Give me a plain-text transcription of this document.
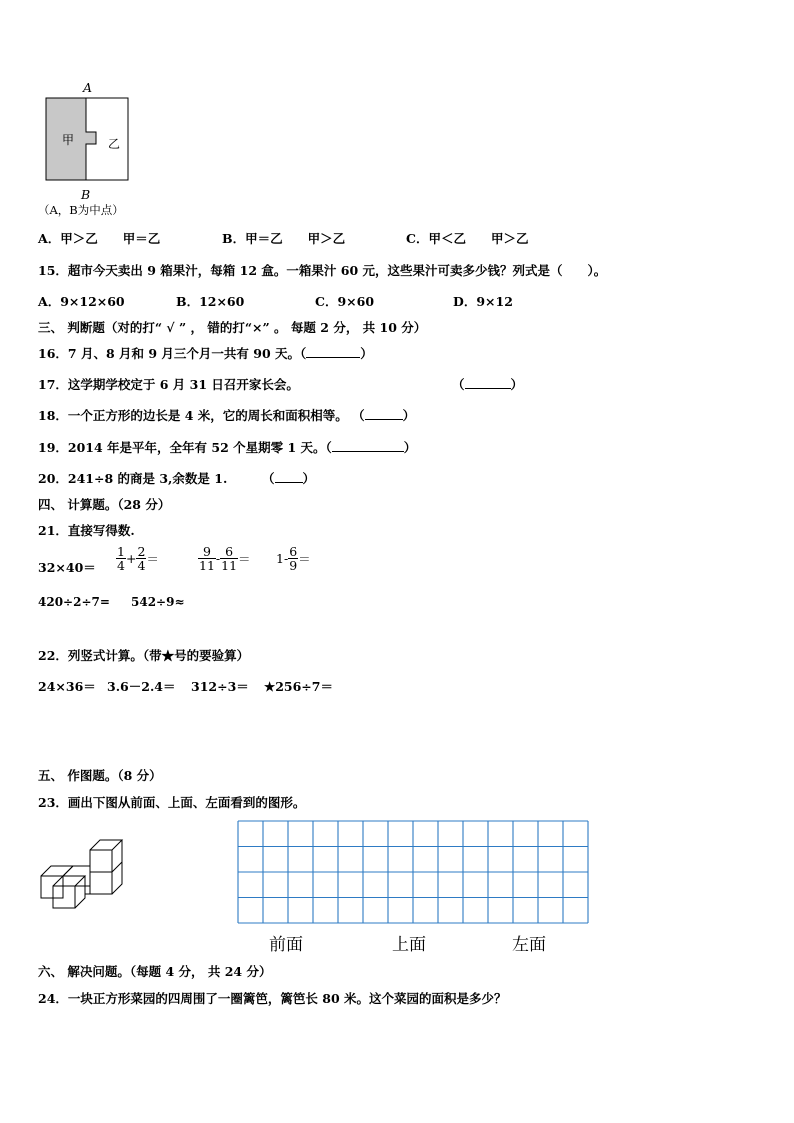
A
甲	乙
B
（A，B为中点）
A．甲＞乙　　甲＝乙	B．甲＝乙　　甲＞乙	C．甲＜乙　　甲＞乙
15．超市今天卖出 9 箱果汁，每箱 12 盒。一箱果汁 60 元，这些果汁可卖多少钱？列式是（　　）。
A．9×12×60	B．12×60	C．9×60	D．9×12
三、 判断题（对的打“ √ ” ， 错的打“×” 。 每题 2 分， 共 10 分）
16．7 月、8 月和 9 月三个月一共有 90 天。（	）
17．这学期学校定于 6 月 31 日召开家长会。	（	）
18．一个正方形的边长是 4 米，它的周长和面积相等。 （	）
19．2014 年是平年，全年有 52 个星期零 1 天。（	）
20．241÷8 的商是 3,余数是 1.	（ ）
四、 计算题。（28 分）
21．直接写得数.
$32\times 40= \frac{1}{4} + \frac{2}{4}$ ＝	$\frac{9}{11} - \frac{6}{11} = 1- \frac{6}{9}$ ＝
420÷2÷7= 542÷9≈
22．列竖式计算。（带★号的要验算）
24×36＝ 3.6－2.4＝ 312÷3＝ ★256÷7＝
五、 作图题。（8 分）
23．画出下图从前面、上面、左面看到的图形。
前面	上面	左面
六、 解决问题。（每题 4 分， 共 24 分）
24．一块正方形菜园的四周围了一圈篱笆，篱笆长 80 米。这个菜园的面积是多少？
